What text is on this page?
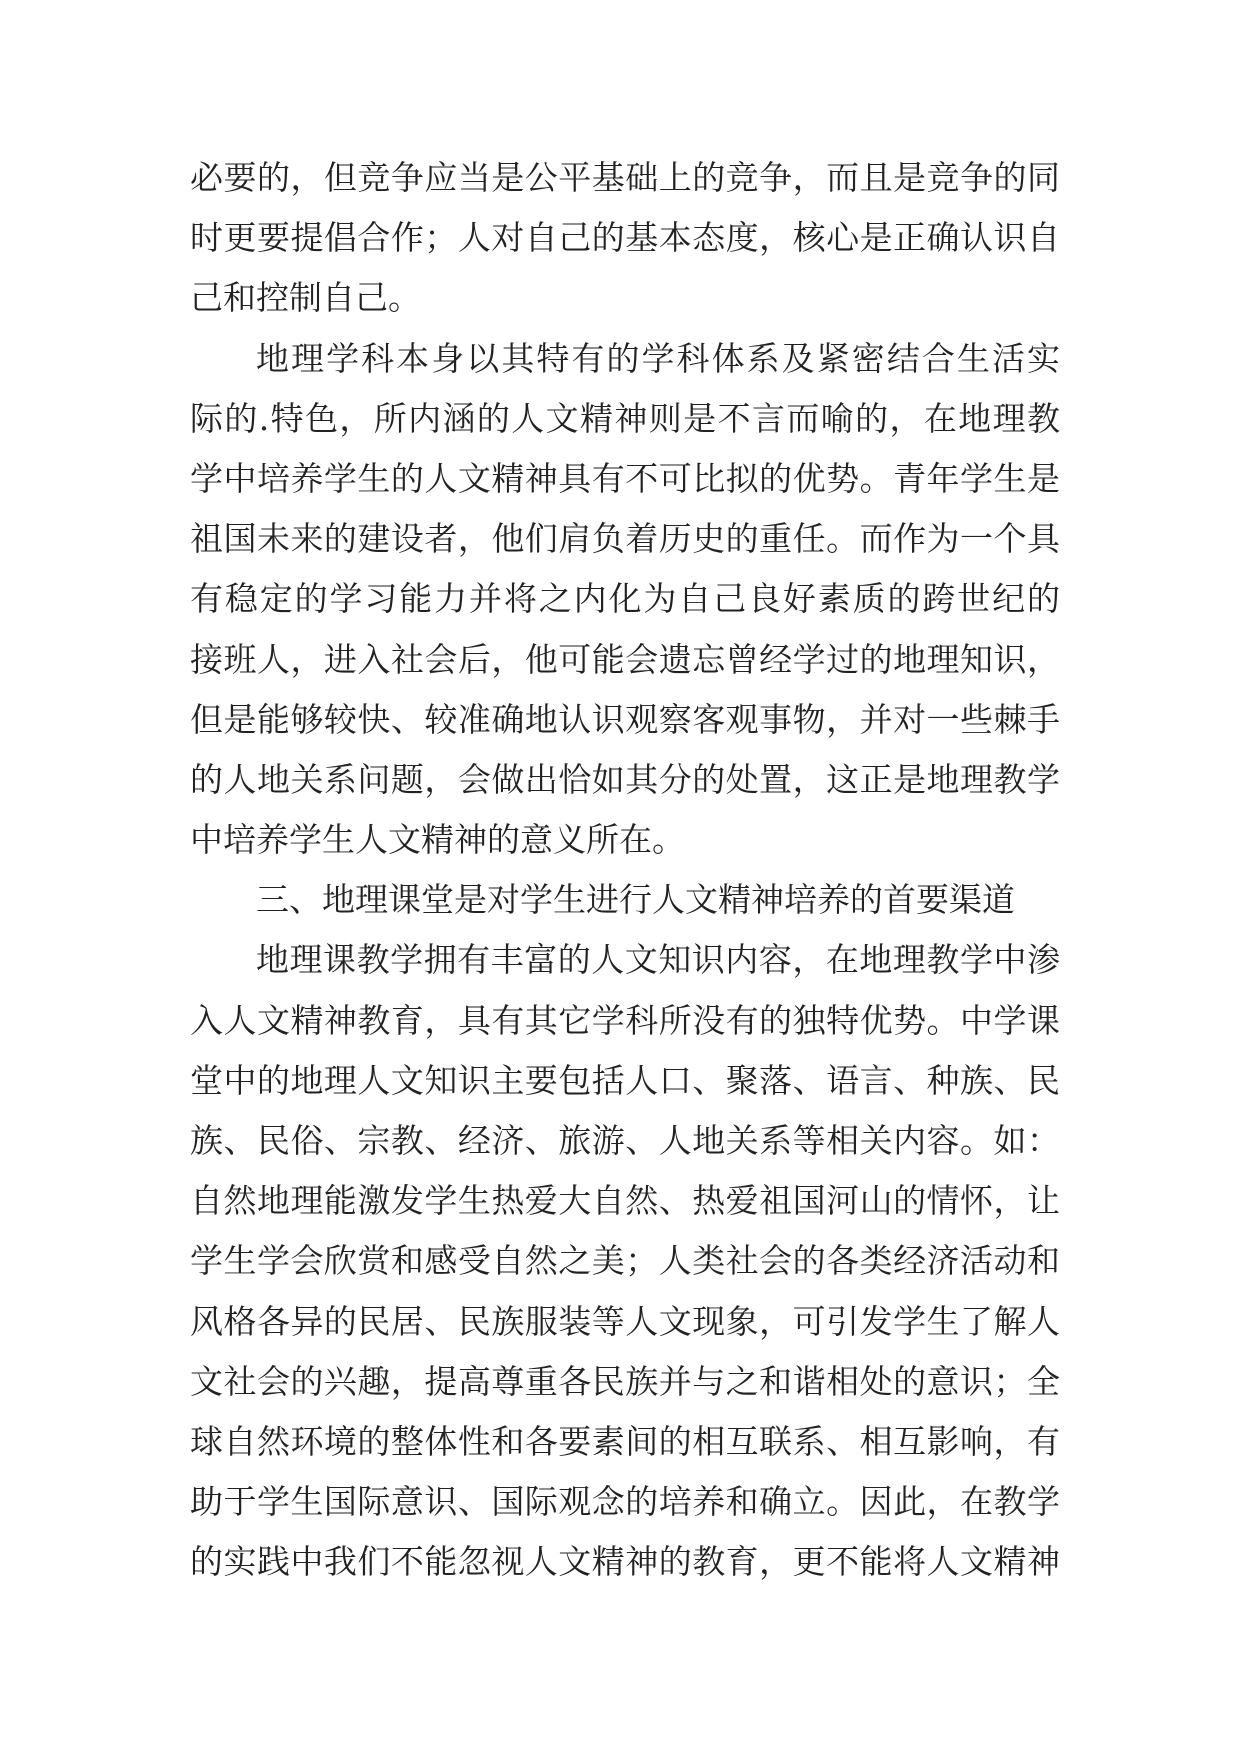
必要的，但竞争应当是公平基础上的竞争，而且是竞争的同
时更要提倡合作；人对自己的基本态度，核心是正确认识自
己和控制自己。
地理学科本身以其特有的学科体系及紧密结合生活实
际的.特色，所内涵的人文精神则是不言而喻的，在地理教
学中培养学生的人文精神具有不可比拟的优势。青年学生是
祖国未来的建设者，他们肩负着历史的重任。而作为一个具
有稳定的学习能力并将之内化为自己良好素质的跨世纪的
接班人，进入社会后，他可能会遗忘曾经学过的地理知识，
但是能够较快、较准确地认识观察客观事物，并对一些棘手
的人地关系问题，会做出恰如其分的处置，这正是地理教学
中培养学生人文精神的意义所在。
三、地理课堂是对学生进行人文精神培养的首要渠道
地理课教学拥有丰富的人文知识内容，在地理教学中渗
入人文精神教育，具有其它学科所没有的独特优势。中学课
堂中的地理人文知识主要包括人口、聚落、语言、种族、民
族、民俗、宗教、经济、旅游、人地关系等相关内容。如：
自然地理能激发学生热爱大自然、热爱祖国河山的情怀，让
学生学会欣赏和感受自然之美；人类社会的各类经济活动和
风格各异的民居、民族服装等人文现象，可引发学生了解人
文社会的兴趣，提高尊重各民族并与之和谐相处的意识；全
球自然环境的整体性和各要素间的相互联系、相互影响，有
助于学生国际意识、国际观念的培养和确立。因此，在教学
的实践中我们不能忽视人文精神的教育，更不能将人文精神
